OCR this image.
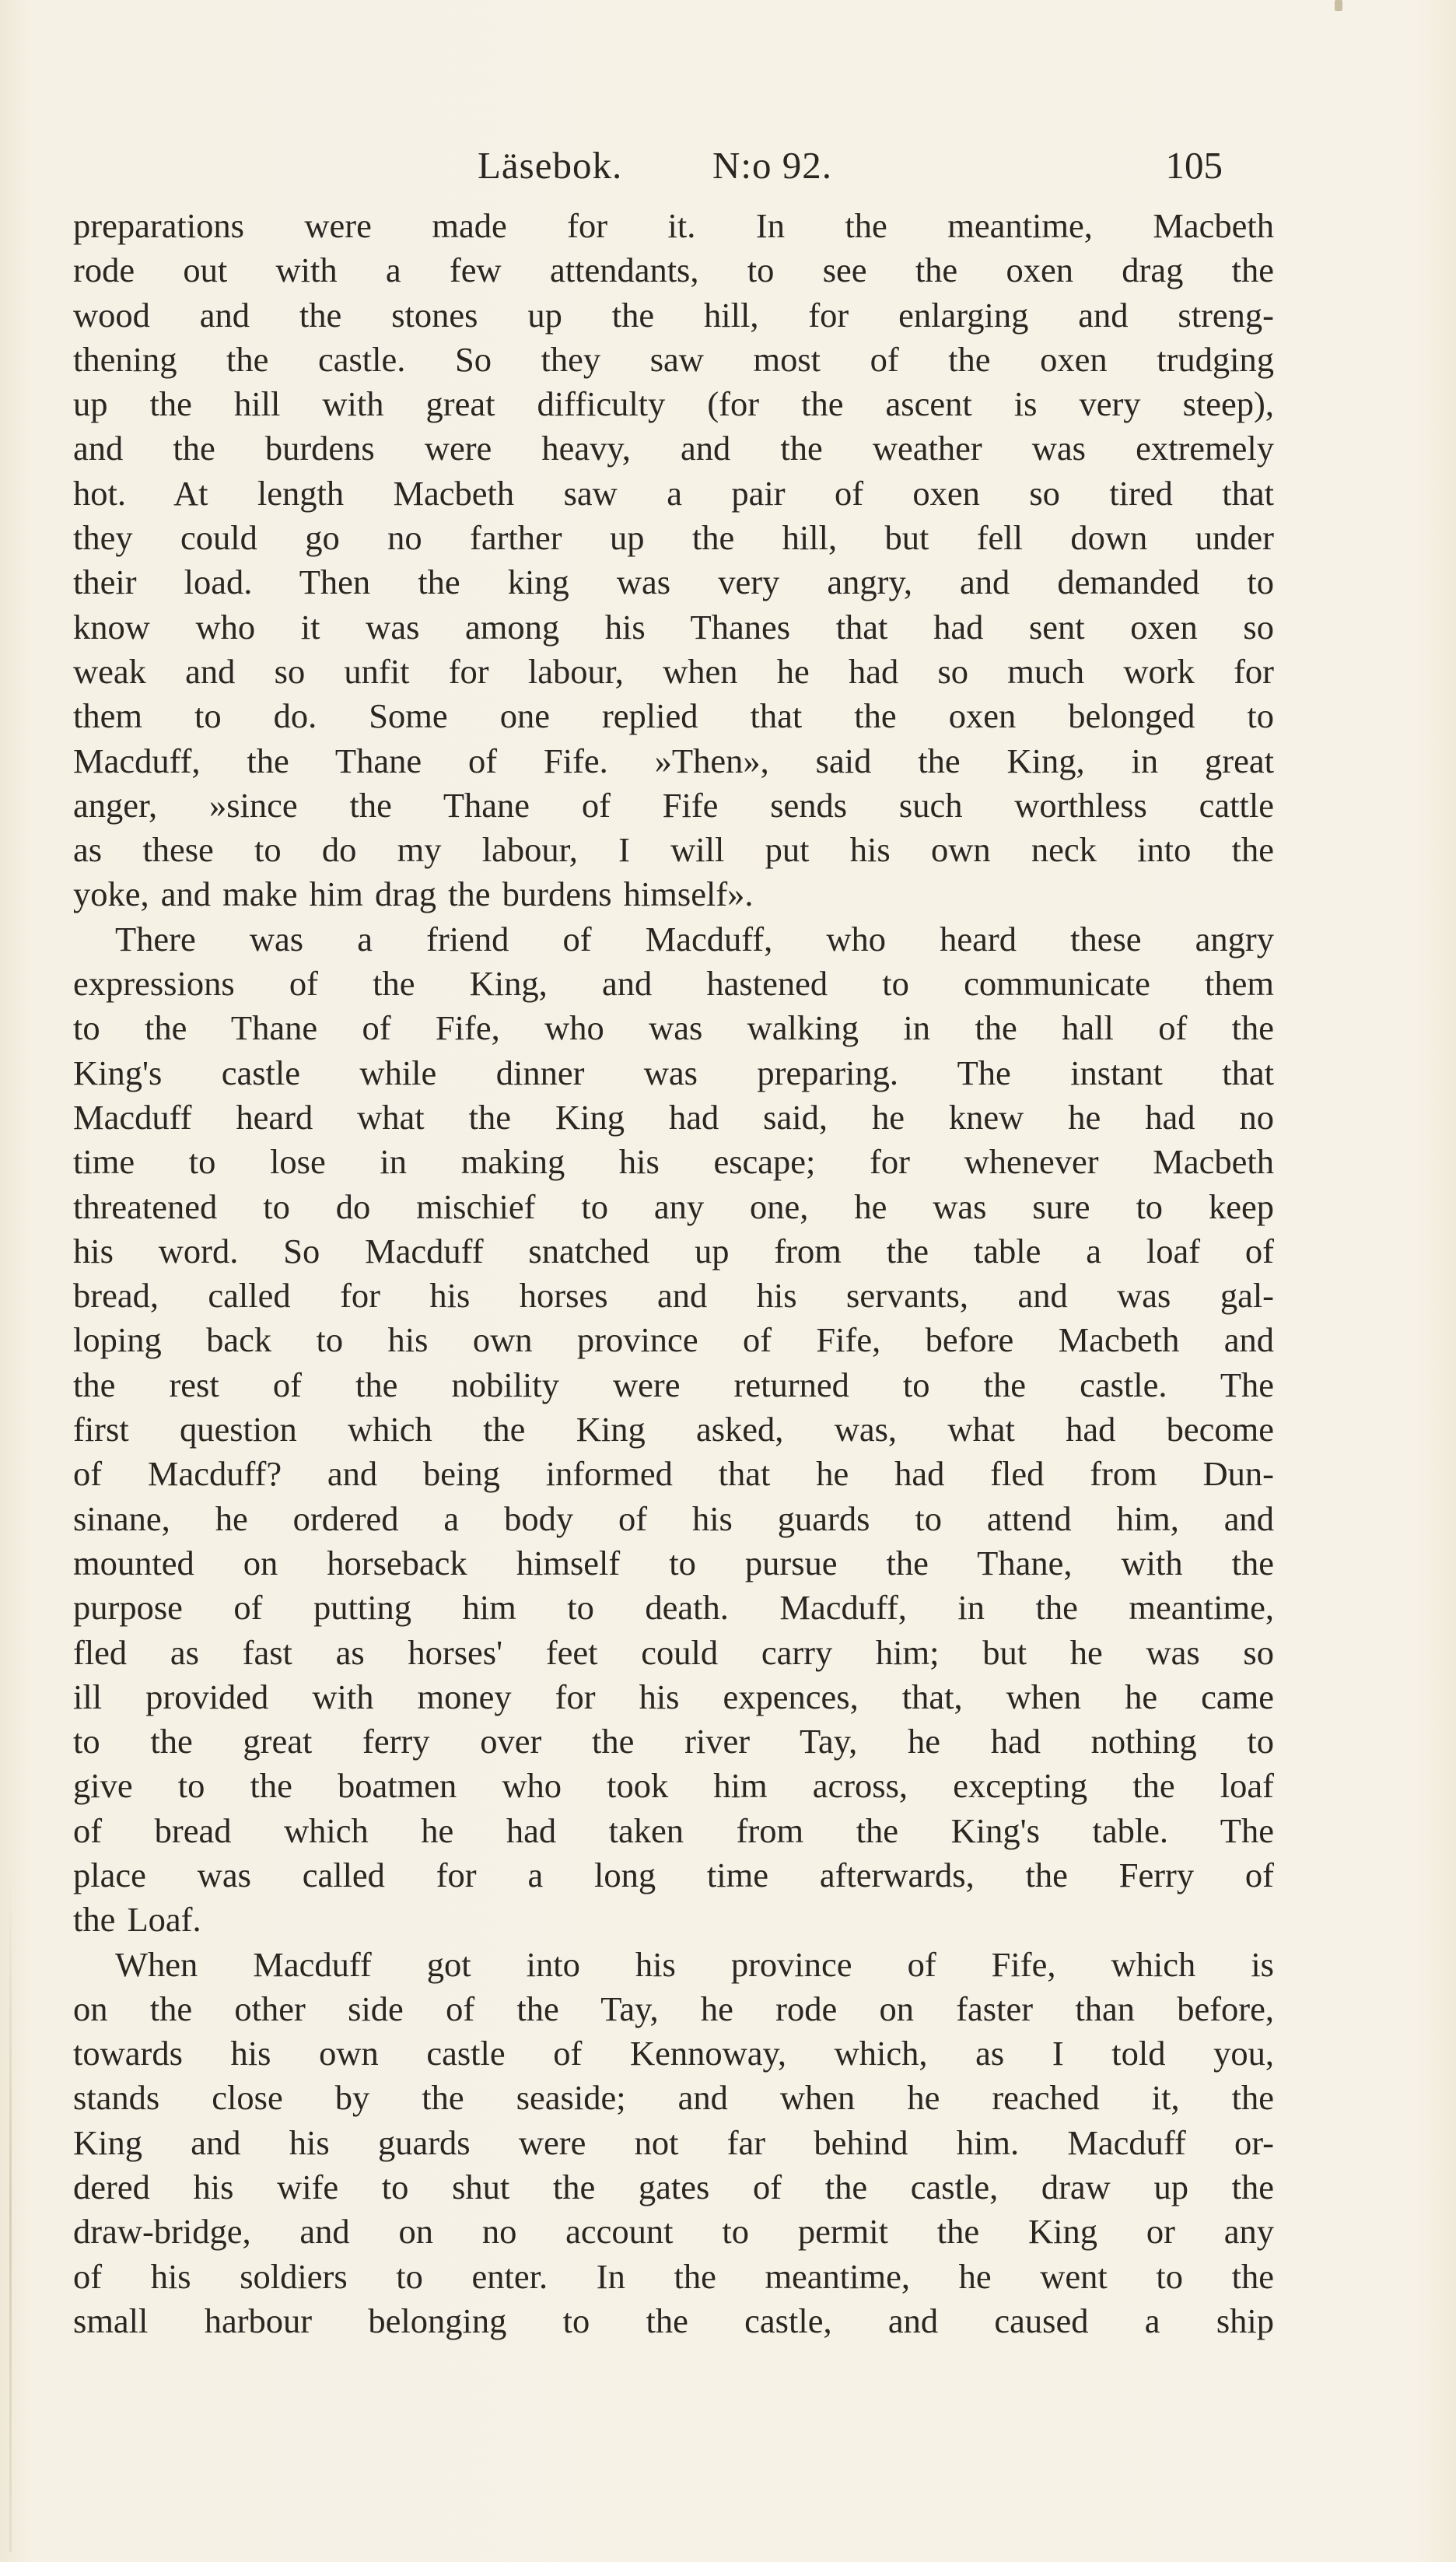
Läsebok. N:o 92.	105
preparations were made for it. In the meantime, Macbeth
rode out with a few attendants, to see the oxen drag the
wood and the stones up the hill, for enlarging and streng-
thening the castle. So they saw most of the oxen trudging
up the hill with great difficulty (for the ascent is very steep),
and the burdens were heavy, and the weather was extremely
hot. At length Macbeth saw a pair of oxen so tired that
they could go no farther up the hill, but fell down under
their load. Then the king was very angry, and demanded to
know who it was among his Thanes that had sent oxen so
weak and so unfit for labour, when he had so much work for
them to do. Some one replied that the oxen belonged to
Macduff, the Thane of Fife. »Then», said the King, in great
anger, »since the Thane of Fife sends such worthless cattle
as these to do my labour, I will put his own neck into the
yoke, and make him drag the burdens himself».
There was a friend of Macduff, who heard these angry
expressions of the King, and hastened to communicate them
to the Thane of Fife, who was walking in the hall of the
King's castle while dinner was preparing. The instant that
Macduff heard what the King had said, he knew he had no
time to lose in making his escape; for whenever Macbeth
threatened to do mischief to any one, he was sure to keep
his word. So Macduff snatched up from the table a loaf of
bread, called for his horses and his servants, and was gal-
loping back to his own province of Fife, before Macbeth and
the rest of the nobility were returned to the castle. The
first question which the King asked, was, what had become
of Macduff? and being informed that he had fled from Dun-
sinane, he ordered a body of his guards to attend him, and
mounted on horseback himself to pursue the Thane, with the
purpose of putting him to death. Macduff, in the meantime,
fled as fast as horses' feet could carry him; but he was so
ill provided with money for his expences, that, when he came
to the great ferry over the river Tay, he had nothing to
give to the boatmen who took him across, excepting the loaf
of bread which he had taken from the King's table. The
place was called for a long time afterwards, the Ferry of
the Loaf.
When Macduff got into his province of Fife, which is
on the other side of the Tay, he rode on faster than before,
towards his own castle of Kennoway, which, as I told you,
stands close by the seaside; and when he reached it, the
King and his guards were not far behind him. Macduff or-
dered his wife to shut the gates of the castle, draw up the
draw-bridge, and on no account to permit the King or any
of his soldiers to enter. In the meantime, he went to the
small harbour belonging to the castle, and caused a ship
